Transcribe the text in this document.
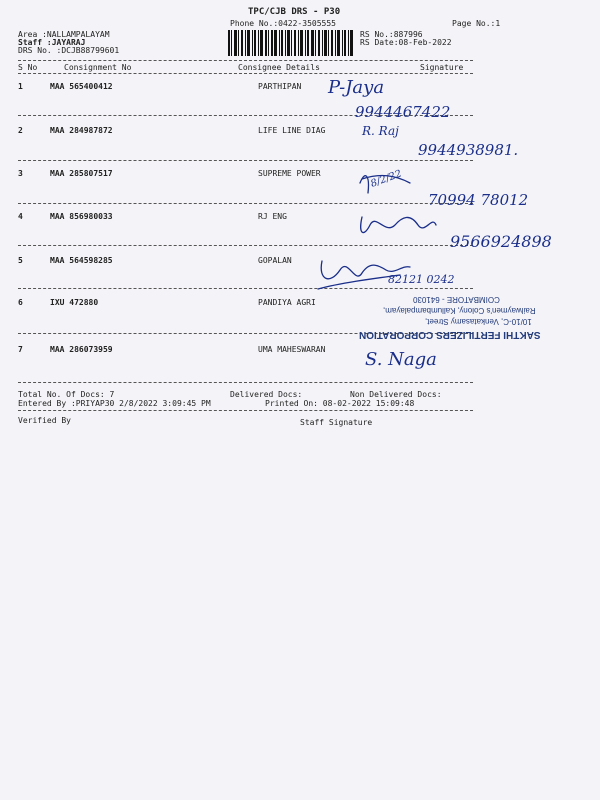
TPC/CJB DRS - P30
Phone No.:0422-3505555
Area :NALLAMPALAYAM
Staff :JAYARAJ
DRS No. :DCJB88799601
RS No.:887996
Page No.:1
RS Date:08-Feb-2022
S No	Consignment No	Consignee Details	Signature
1	MAA 565400412	PARTHIPAN
2	MAA 284987872	LIFE LINE DIAG
3	MAA 285807517	SUPREME POWER
4	MAA 856980033	RJ ENG
5	MAA 564598285	GOPALAN
6	IXU 472880	PANDIYA AGRI
7	MAA 286073959	UMA MAHESWARAN
Total No. Of Docs: 7	Delivered Docs:	Non Delivered Docs:
Entered By :PRIYAP30 2/8/2022 3:09:45 PM	Printed On: 08-02-2022 15:09:48
Verified By	Staff Signature
SAKTHI FERTILIZERS CORPORATION
10/10-C, Venkatasamy Street,
Railwaymen's Colony, Kallumbampalayam,
COIMBATORE - 641030
P-Jaya
9944467422
R. Raj
9944938981.
8/2/22
70994 78012
9566924898
82121 0242
S. Naga
